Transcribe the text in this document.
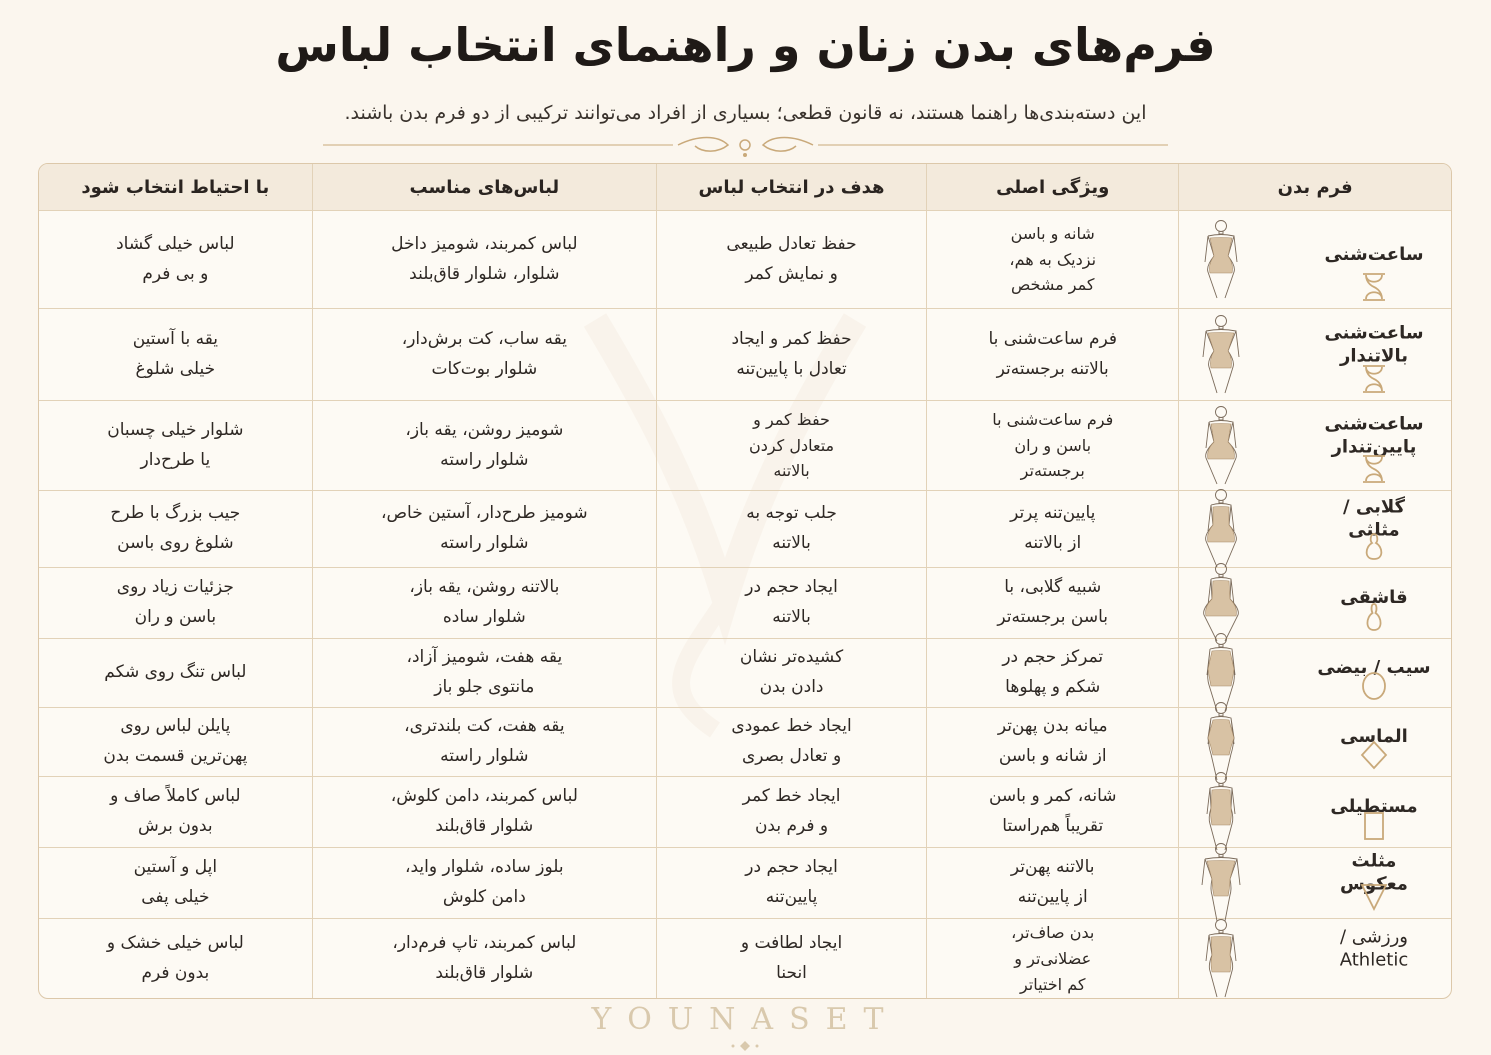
فرم‌های بدن زنان و راهنمای انتخاب لباس
این دسته‌بندی‌ها راهنما هستند، نه قانون قطعی؛ بسیاری از افراد می‌توانند ترکیبی از دو فرم بدن باشند.
فرم بدن	ویژگی اصلی	هدف در انتخاب لباس	لباس‌های مناسب	با احتیاط انتخاب شود

ساعت‌شنی	شانه و باسن
نزدیک به هم،
کمر مشخص	حفظ تعادل طبیعی
و نمایش کمر	لباس کمربند، شومیز داخل
شلوار، شلوار قاق‌بلند	لباس خیلی گشاد
و بی فرم

ساعت‌شنی
بالاتندار	فرم ساعت‌شنی با
بالاتنه برجسته‌تر	حفظ کمر و ایجاد
تعادل با پایین‌تنه	یقه ساب، کت برش‌دار،
شلوار بوت‌کات	یقه با آستین
خیلی شلوغ

ساعت‌شنی
پایین‌تندار	فرم ساعت‌شنی با
باسن و ران
برجسته‌تر	حفظ کمر و
متعادل کردن
بالاتنه	شومیز روشن، یقه باز،
شلوار راسته	شلوار خیلی چسبان
یا طرح‌دار

گلابی / مثلثی	پایین‌تنه پرتر
از بالاتنه	جلب توجه به
بالاتنه	شومیز طرح‌دار، آستین خاص،
شلوار راسته	جیب بزرگ با طرح
شلوغ روی باسن

قاشقی	شبیه گلابی، با
باسن برجسته‌تر	ایجاد حجم در
بالاتنه	بالاتنه روشن، یقه باز،
شلوار ساده	جزئیات زیاد روی
باسن و ران

سیب / بیضی	تمرکز حجم در
شکم و پهلوها	کشیده‌تر نشان
دادن بدن	یقه هفت، شومیز آزاد،
مانتوی جلو باز	لباس تنگ روی شکم

الماسی	میانه بدن پهن‌تر
از شانه و باسن	ایجاد خط عمودی
و تعادل بصری	یقه هفت، کت بلندتری،
شلوار راسته	پایلن لباس روی
پهن‌ترین قسمت بدن

مستطیلی	شانه، کمر و باسن
تقریباً هم‌راستا	ایجاد خط کمر
و فرم بدن	لباس کمربند، دامن کلوش،
شلوار قاق‌بلند	لباس کاملاً صاف و
بدون برش

مثلث معکوس	بالاتنه پهن‌تر
از پایین‌تنه	ایجاد حجم در
پایین‌تنه	بلوز ساده، شلوار واید،
دامن کلوش	اپل و آستین
خیلی پفی

ورزشی /
Athletic	بدن صاف‌تر،
عضلانی‌تر و
کم اختیاتر	ایجاد لطافت و
انحنا	لباس کمربند، تاپ فرم‌دار،
شلوار قاق‌بلند	لباس خیلی خشک و
بدون فرم
YOUNASET
